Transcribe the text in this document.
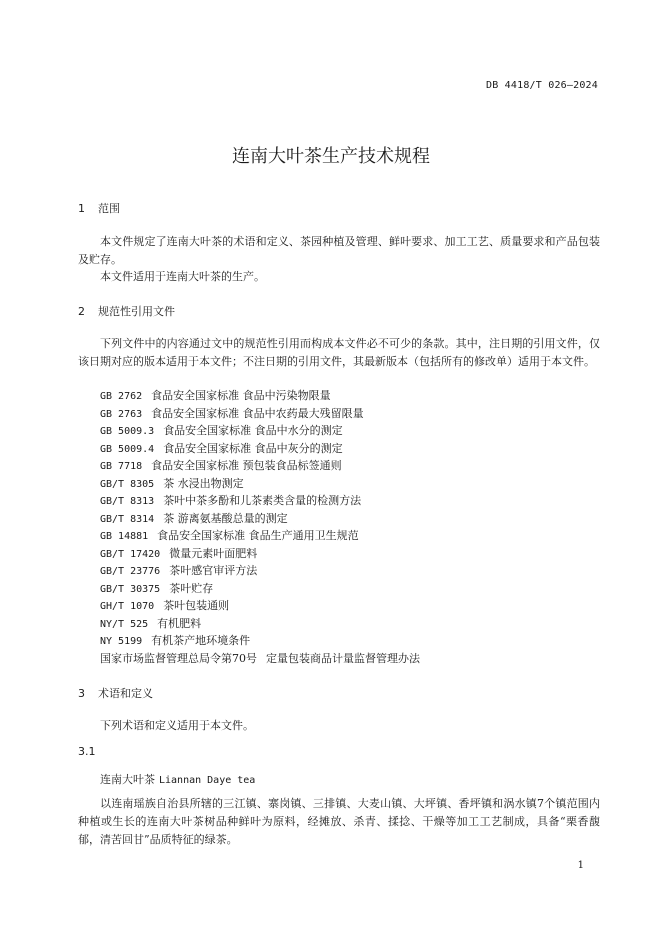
DB 4418/T 026—2024
连南大叶茶生产技术规程
1 范围
本文件规定了连南大叶茶的术语和定义、茶园种植及管理、鲜叶要求、加工工艺、质量要求和产品包装及贮存。
本文件适用于连南大叶茶的生产。
2 规范性引用文件
下列文件中的内容通过文中的规范性引用而构成本文件必不可少的条款。其中，注日期的引用文件，仅该日期对应的版本适用于本文件；不注日期的引用文件，其最新版本（包括所有的修改单）适用于本文件。
GB 2762 食品安全国家标准 食品中污染物限量
GB 2763 食品安全国家标准 食品中农药最大残留限量
GB 5009.3 食品安全国家标准 食品中水分的测定
GB 5009.4 食品安全国家标准 食品中灰分的测定
GB 7718 食品安全国家标准 预包装食品标签通则
GB/T 8305 茶 水浸出物测定
GB/T 8313 茶叶中茶多酚和儿茶素类含量的检测方法
GB/T 8314 茶 游离氨基酸总量的测定
GB 14881 食品安全国家标准 食品生产通用卫生规范
GB/T 17420 微量元素叶面肥料
GB/T 23776 茶叶感官审评方法
GB/T 30375 茶叶贮存
GH/T 1070 茶叶包装通则
NY/T 525 有机肥料
NY 5199 有机茶产地环境条件
国家市场监督管理总局令第70号 定量包装商品计量监督管理办法
3 术语和定义
下列术语和定义适用于本文件。
3.1
连南大叶茶 Liannan Daye tea
以连南瑶族自治县所辖的三江镇、寨岗镇、三排镇、大麦山镇、大坪镇、香坪镇和涡水镇7个镇范围内种植或生长的连南大叶茶树品种鲜叶为原料，经摊放、杀青、揉捻、干燥等加工工艺制成，具备“栗香馥郁，清苦回甘”品质特征的绿茶。
1
